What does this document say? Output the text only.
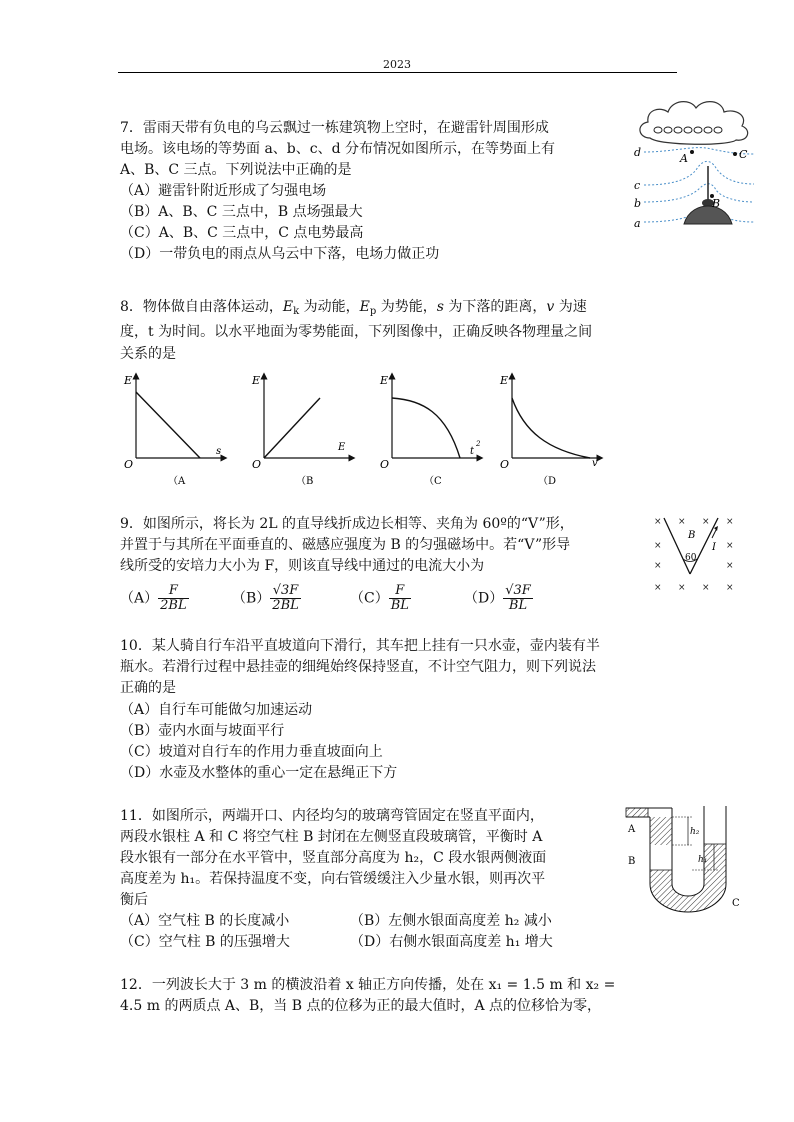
2023
7．雷雨天带有负电的乌云飘过一栋建筑物上空时，在避雷针周围形成
电场。该电场的等势面 a、b、c、d 分布情况如图所示，在等势面上有
A、B、C 三点。下列说法中正确的是
（A）避雷针附近形成了匀强电场
（B）A、B、C 三点中，B 点场强最大
（C）A、B、C 三点中，C 点电势最高
（D）一带负电的雨点从乌云中下落，电场力做正功
d
c
b
a
A
B
C
8．物体做自由落体运动，$E_k$ 为动能，$E_p$ 为势能，s 为下落的距离，v 为速
度，t 为时间。以水平地面为零势能面，下列图像中，正确反映各物理量之间
关系的是
E
s
O
（A
E
E
O
（B
E
t
2
O
（C
E
v
O
（D
9．如图所示，将长为 2L 的直导线折成边长相等、夹角为 60º的“V”形，
并置于与其所在平面垂直的、磁感应强度为 B 的匀强磁场中。若“V”形导
线所受的安培力大小为 F，则该直导线中通过的电流大小为
$(A) \frac{F}{2BL}$	$(B) \frac{√3F}{2BL}$	$(C) \frac{F}{BL}$	$(D) \frac{√3F}{BL}$
× × × ×
×	×
×	×
× × × ×
B
60
I
10．某人骑自行车沿平直坡道向下滑行，其车把上挂有一只水壶，壶内装有半
瓶水。若滑行过程中悬挂壶的细绳始终保持竖直，不计空气阻力，则下列说法
正确的是
（A）自行车可能做匀加速运动
（B）壶内水面与坡面平行
（C）坡道对自行车的作用力垂直坡面向上
（D）水壶及水整体的重心一定在悬绳正下方
11．如图所示，两端开口、内径均匀的玻璃弯管固定在竖直平面内，
两段水银柱 A 和 C 将空气柱 B 封闭在左侧竖直段玻璃管，平衡时 A
段水银有一部分在水平管中，竖直部分高度为 h₂，C 段水银两侧液面
高度差为 h₁。若保持温度不变，向右管缓缓注入少量水银，则再次平
衡后
（A）空气柱 B 的长度减小	（B）左侧水银面高度差 h₂ 减小
（C）空气柱 B 的压强增大	（D）右侧水银面高度差 h₁ 增大
A
B
C
h₂
h₁
12．一列波长大于 3 m 的横波沿着 x 轴正方向传播，处在 x₁ = 1.5 m 和 x₂ =
4.5 m 的两质点 A、B，当 B 点的位移为正的最大值时，A 点的位移恰为零，
